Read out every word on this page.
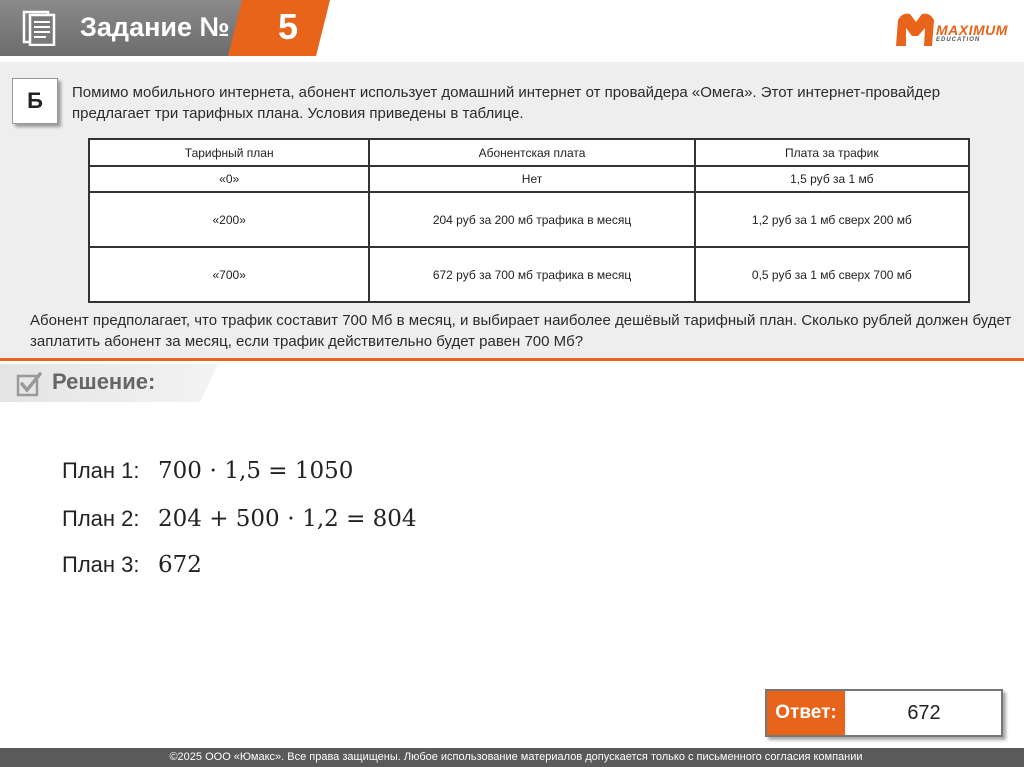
Задание № 5	MAXIMUM
EDUCATION
Б	Помимо мобильного интернета, абонент использует домашний интернет от провайдера «Омега». Этот интернет-провайдер предлагает три тарифных плана. Условия приведены в таблице.
Тарифный план	Абонентская плата	Плата за трафик
«0»	Нет	1,5 руб за 1 мб
«200»	204 руб за 200 мб трафика в месяц	1,2 руб за 1 мб сверх 200 мб
«700»	672 руб за 700 мб трафика в месяц	0,5 руб за 1 мб сверх 700 мб
Абонент предполагает, что трафик составит 700 Мб в месяц, и выбирает наиболее дешёвый тарифный план. Сколько рублей должен будет заплатить абонент за месяц, если трафик действительно будет равен 700 Мб?
Решение:
План 1: 700 ⋅ 1,5 = 1050
План 2: 204 + 500 ⋅ 1,2 = 804
План 3: 672
Ответ:	672
©2025 ООО «Юмакс». Все права защищены. Любое использование материалов допускается только с письменного согласия компании
